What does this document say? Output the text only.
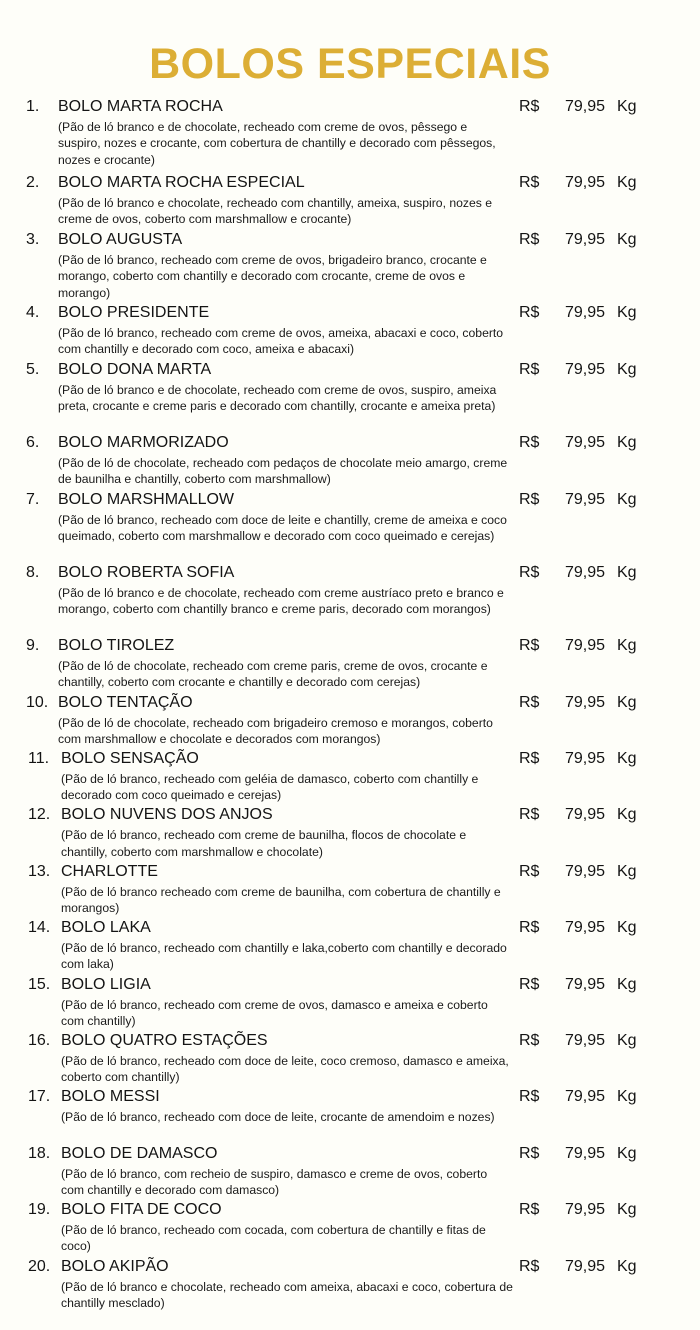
BOLOS ESPECIAIS
1. BOLO MARTA ROCHA	R$ 79,95 Kg
(Pão de ló branco e de chocolate, recheado com creme de ovos, pêssego e suspiro, nozes e crocante, com cobertura de chantilly e decorado com pêssegos, nozes e crocante)
2. BOLO MARTA ROCHA ESPECIAL	R$ 79,95 Kg
(Pão de ló branco e chocolate, recheado com chantilly, ameixa, suspiro, nozes e creme de ovos, coberto com marshmallow e crocante)
3. BOLO AUGUSTA	R$ 79,95 Kg
(Pão de ló branco, recheado com creme de ovos, brigadeiro branco, crocante e morango, coberto com chantilly e decorado com crocante, creme de ovos e morango)
4. BOLO PRESIDENTE	R$ 79,95 Kg
(Pão de ló branco, recheado com creme de ovos, ameixa, abacaxi e coco, coberto com chantilly e decorado com coco, ameixa e abacaxi)
5. BOLO DONA MARTA	R$ 79,95 Kg
(Pão de ló branco e de chocolate, recheado com creme de ovos, suspiro, ameixa preta, crocante e creme paris e decorado com chantilly, crocante e ameixa preta)
6. BOLO MARMORIZADO	R$ 79,95 Kg
(Pão de ló de chocolate, recheado com pedaços de chocolate meio amargo, creme de baunilha e chantilly, coberto com marshmallow)
7. BOLO MARSHMALLOW	R$ 79,95 Kg
(Pão de ló branco, recheado com doce de leite e chantilly, creme de ameixa e coco queimado, coberto com marshmallow e decorado com coco queimado e cerejas)
8. BOLO ROBERTA SOFIA	R$ 79,95 Kg
(Pão de ló branco e de chocolate, recheado com creme austríaco preto e branco e morango, coberto com chantilly branco e creme paris, decorado com morangos)
9. BOLO TIROLEZ	R$ 79,95 Kg
(Pão de ló de chocolate, recheado com creme paris, creme de ovos, crocante e chantilly, coberto com crocante e chantilly e decorado com cerejas)
10. BOLO TENTAÇÃO	R$ 79,95 Kg
(Pão de ló de chocolate, recheado com brigadeiro cremoso e morangos, coberto com marshmallow e chocolate e decorados com morangos)
11. BOLO SENSAÇÃO	R$ 79,95 Kg
(Pão de ló branco, recheado com geléia de damasco, coberto com chantilly e decorado com coco queimado e cerejas)
12. BOLO NUVENS DOS ANJOS	R$ 79,95 Kg
(Pão de ló branco, recheado com creme de baunilha, flocos de chocolate e chantilly, coberto com marshmallow e chocolate)
13. CHARLOTTE	R$ 79,95 Kg
(Pão de ló branco recheado com creme de baunilha, com cobertura de chantilly e morangos)
14. BOLO LAKA	R$ 79,95 Kg
(Pão de ló branco, recheado com chantilly e laka,coberto com chantilly e decorado com laka)
15. BOLO LIGIA	R$ 79,95 Kg
(Pão de ló branco, recheado com creme de ovos, damasco e ameixa e coberto com chantilly)
16. BOLO QUATRO ESTAÇÕES	R$ 79,95 Kg
(Pão de ló branco, recheado com doce de leite, coco cremoso, damasco e ameixa, coberto com chantilly)
17. BOLO MESSI	R$ 79,95 Kg
(Pão de ló branco, recheado com doce de leite, crocante de amendoim e nozes)
18. BOLO DE DAMASCO	R$ 79,95 Kg
(Pão de ló branco, com recheio de suspiro, damasco e creme de ovos, coberto com chantilly e decorado com damasco)
19. BOLO FITA DE COCO	R$ 79,95 Kg
(Pão de ló branco, recheado com cocada, com cobertura de chantilly e fitas de coco)
20. BOLO AKIPÃO	R$ 79,95 Kg
(Pão de ló branco e chocolate, recheado com ameixa, abacaxi e coco, cobertura de chantilly mesclado)
